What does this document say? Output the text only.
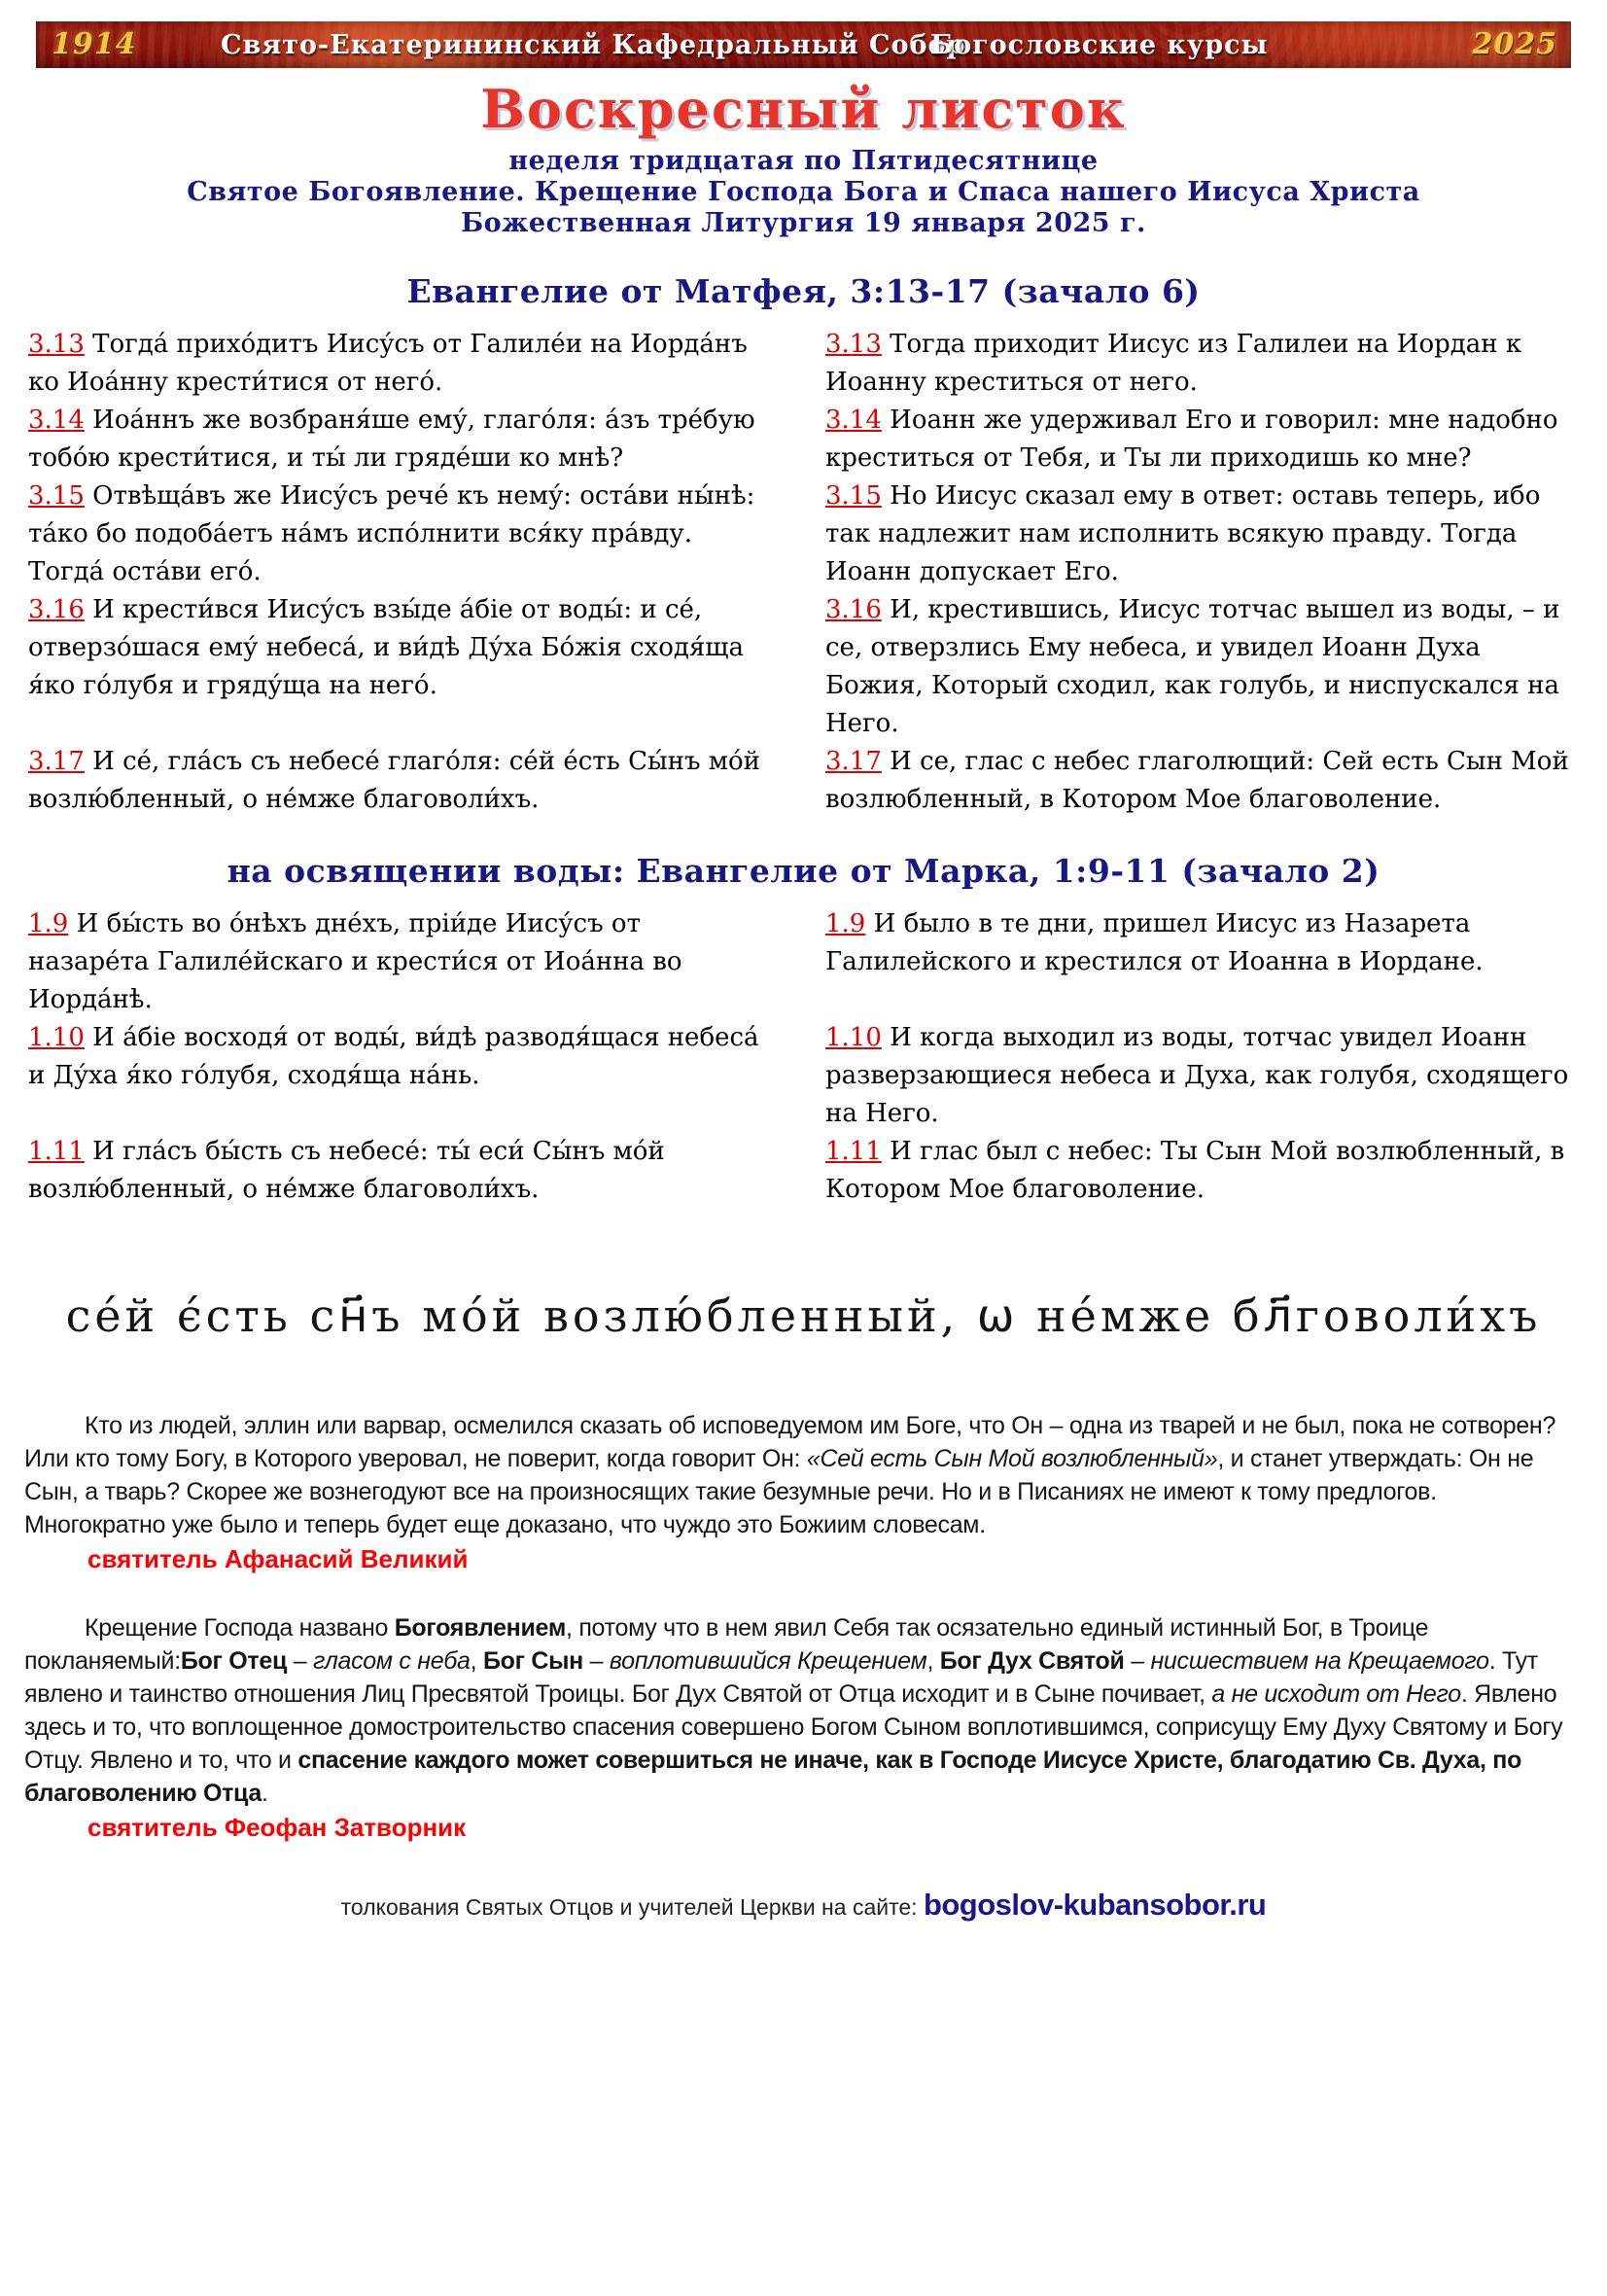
1914	Свято-Екатерининский Кафедральный Собор
Богословские курсы	2025
Воскресный листок
неделя тридцатая по Пятидесятнице
Святое Богоявление. Крещение Господа Бога и Спаса нашего Иисуса Христа
Божественная Литургия 19 января 2025 г.
Евангелие от Матфея, 3:13-17 (зачало 6)

3.13 Тогда́ прихо́дитъ Иису́съ от Галиле́и на Иорда́нъ ко Иоа́нну крести́тися от него́.

3.14 Иоа́ннъ же возбраня́ше ему́, глаго́ля: а́зъ тре́бую тобо́ю крести́тися, и ты́ ли гряде́ши ко мнѣ?

3.15 Отвѣща́въ же Иису́съ рече́ къ нему́: оста́ви ны́нѣ: та́ко бо подоба́етъ на́мъ испо́лнити вся́ку пра́вду. Тогда́ оста́ви его́.

3.16 И крести́вся Иису́съ взы́де а́бiе от воды́: и се́, отверзо́шася ему́ небеса́, и ви́дѣ Ду́ха Бо́жiя сходя́ща я́ко го́лубя и гряду́ща на него́.

3.17 И се́, гла́съ съ небесе́ глаго́ля: се́й е́сть Сы́нъ мо́й возлю́бленный, о не́мже благоволи́хъ.

3.13 Тогда приходит Иисус из Галилеи на Иордан к Иоанну креститься от него.

3.14 Иоанн же удерживал Его и говорил: мне надобно креститься от Тебя, и Ты ли приходишь ко мне?

3.15 Но Иисус сказал ему в ответ: оставь теперь, ибо так надлежит нам исполнить всякую правду. Тогда Иоанн допускает Его.

3.16 И, крестившись, Иисус тотчас вышел из воды, – и се, отверзлись Ему небеса, и увидел Иоанн Духа Божия, Который сходил, как голубь, и ниспускался на Него.

3.17 И се, глас с небес глаголющий: Сей есть Сын Мой возлюбленный, в Котором Мое благоволение.

на освящении воды: Евангелие от Марка, 1:9-11 (зачало 2)

1.9 И бы́сть во о́нѣхъ дне́хъ, прiи́де Иису́съ от назаре́та Галиле́йскаго и крести́ся от Иоа́нна во Иорда́нѣ.

1.10 И а́бiе восходя́ от воды́, ви́дѣ разводя́щася небеса́ и Ду́ха я́ко го́лубя, сходя́ща на́нь.

1.11 И гла́съ бы́сть съ небесе́: ты́ еси́ Сы́нъ мо́й возлю́бленный, о не́мже благоволи́хъ.

1.9 И было в те дни, пришел Иисус из Назарета Галилейского и крестился от Иоанна в Иордане.

1.10 И когда выходил из воды, тотчас увидел Иоанн разверзающиеся небеса и Духа, как голубя, сходящего на Него.

1.11 И глас был с небес: Ты Сын Мой возлюбленный, в Котором Мое благоволение.

се́й є́сть сн҃ъ мо́й возлю́бленный, ѡ не́мже бл҃говоли́хъ

Кто из людей, эллин или варвар, осмелился сказать об исповедуемом им Боге, что Он – одна из тварей и не был, пока не сотворен? Или кто тому Богу, в Которого уверовал, не поверит, когда говорит Он: «Сей есть Сын Мой возлюбленный», и станет утверждать: Он не Сын, а тварь? Скорее же вознегодуют все на произносящих такие безумные речи. Но и в Писаниях не имеют к тому предлогов. Многократно уже было и теперь будет еще доказано, что чуждо это Божиим словесам.

святитель Афанасий Великий

Крещение Господа названо Богоявлением, потому что в нем явил Себя так осязательно единый истинный Бог, в Троице покланяемый:Бог Отец – гласом с неба, Бог Сын – воплотившийся Крещением, Бог Дух Святой – нисшествием на Крещаемого. Тут явлено и таинство отношения Лиц Пресвятой Троицы. Бог Дух Святой от Отца исходит и в Сыне почивает, а не исходит от Него. Явлено здесь и то, что воплощенное домостроительство спасения совершено Богом Сыном воплотившимся, соприсущу Ему Духу Святому и Богу Отцу. Явлено и то, что и спасение каждого может совершиться не иначе, как в Господе Иисусе Христе, благодатию Св. Духа, по благоволению Отца.

святитель Феофан Затворник

толкования Святых Отцов и учителей Церкви на сайте: bogoslov-kubansobor.ru
